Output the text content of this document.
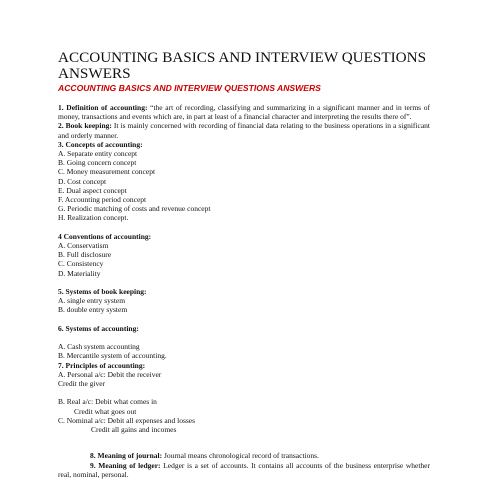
ACCOUNTING BASICS AND INTERVIEW QUESTIONS ANSWERS
ACCOUNTING BASICS AND INTERVIEW QUESTIONS ANSWERS

1. Definition of accounting: “the art of recording, classifying and summarizing in a significant manner and in terms of money, transactions and events which are, in part at least of a financial character and interpreting the results there of”.

2. Book keeping: It is mainly concerned with recording of financial data relating to the business operations in a significant and orderly manner.

3. Concepts of accounting:

A. Separate entity concept

B. Going concern concept

C. Money measurement concept

D. Cost concept

E. Dual aspect concept

F. Accounting period concept

G. Periodic matching of costs and revenue concept

H. Realization concept.

4 Conventions of accounting:

A. Conservatism

B. Full disclosure

C. Consistency

D. Materiality

5. Systems of book keeping:

A. single entry system

B. double entry system

6. Systems of accounting:

A. Cash system accounting

B. Mercantile system of accounting.

7. Principles of accounting:

A. Personal a/c: Debit the receiver

Credit the giver

B. Real a/c: Debit what comes in

Credit what goes out

C. Nominal a/c: Debit all expenses and losses

Credit all gains and incomes

8. Meaning of journal: Journal means chronological record of transactions.

9. Meaning of ledger: Ledger is a set of accounts. It contains all accounts of the business enterprise whether real, nominal, personal.
